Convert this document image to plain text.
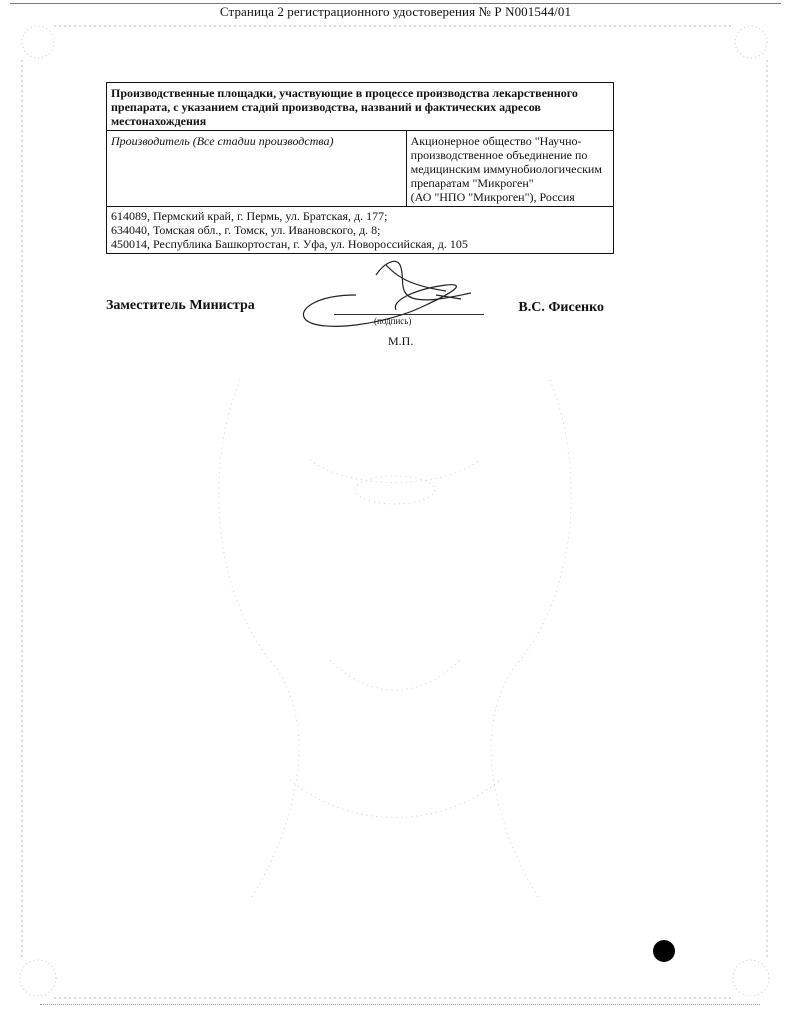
Страница 2 регистрационного удостоверения № Р N001544/01
Производственные площадки, участвующие в процессе производства лекарственного препарата, с указанием стадий производства, названий и фактических адресов местонахождения
Производитель (Все стадии производства)	Акционерное общество "Научно-
производственное объединение по
медицинским иммунобиологическим
препаратам "Микроген"
(АО "НПО "Микроген"), Россия

614089, Пермский край, г. Пермь, ул. Братская, д. 177;
634040, Томская обл., г. Томск, ул. Ивановского, д. 8;
450014, Республика Башкортостан, г. Уфа, ул. Новороссийская, д. 105
Заместитель Министра
(подпись)
М.П.
В.С. Фисенко
